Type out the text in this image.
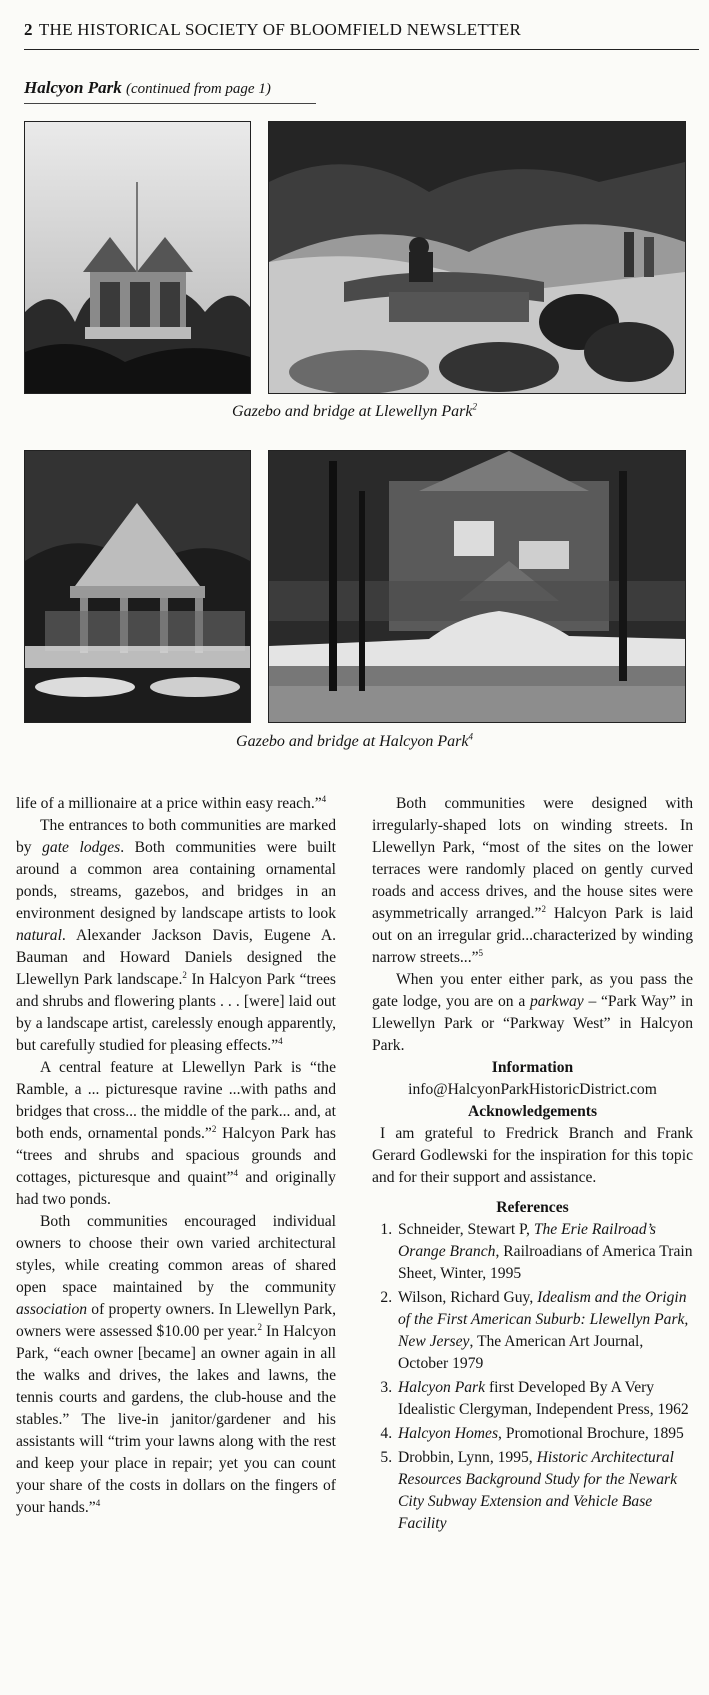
2 THE HISTORICAL SOCIETY OF BLOOMFIELD NEWSLETTER
Halcyon Park (continued from page 1)
Gazebo and bridge at Llewellyn Park$^2$
Gazebo and bridge at Halcyon Park$^4$

life of a millionaire at a price within easy reach.”$^4$

The entrances to both communities are marked by gate lodges. Both communities were built around a common area containing ornamental ponds, streams, gazebos, and bridges in an environment designed by landscape artists to look natural. Alexander Jackson Davis, Eugene A. Bauman and Howard Daniels designed the Llewellyn Park landscape.$^2$ In Halcyon Park “trees and shrubs and flowering plants . . . [were] laid out by a landscape artist, carelessly enough apparently, but carefully studied for pleasing effects.”$^4$

A central feature at Llewellyn Park is “the Ramble, a ... picturesque ravine ...with paths and bridges that cross... the middle of the park... and, at both ends, ornamental ponds.”$^2$ Halcyon Park has “trees and shrubs and spacious grounds and cottages, picturesque and quaint”$^4$ and originally had two ponds.

Both communities encouraged individual owners to choose their own varied architectural styles, while creating common areas of shared open space maintained by the community association of property owners. In Llewellyn Park, owners were assessed $10.00 per year.$^2$ In Halcyon Park, “each owner [became] an owner again in all the walks and drives, the lakes and lawns, the tennis courts and gardens, the club-house and the stables.” The live-in janitor/gardener and his assistants will “trim your lawns along with the rest and keep your place in repair; yet you can count your share of the costs in dollars on the fingers of your hands.”$^4$

Both communities were designed with irregularly-shaped lots on winding streets. In Llewellyn Park, “most of the sites on the lower terraces were randomly placed on gently curved roads and access drives, and the house sites were asymmetrically arranged.”$^2$ Halcyon Park is laid out on an irregular grid...characterized by winding narrow streets...”$^5$

When you enter either park, as you pass the gate lodge, you are on a parkway – “Park Way” in Llewellyn Park or “Parkway West” in Halcyon Park.

Information

info@HalcyonParkHistoricDistrict.com

Acknowledgements

I am grateful to Fredrick Branch and Frank Gerard Godlewski for the inspiration for this topic and for their support and assistance.

References

1. Schneider, Stewart P, The Erie Railroad’s Orange Branch, Railroadians of America Train Sheet, Winter, 1995
2. Wilson, Richard Guy, Idealism and the Origin of the First American Suburb: Llewellyn Park, New Jersey, The American Art Journal, October 1979
3. Halcyon Park first Developed By A Very Idealistic Clergyman, Independent Press, 1962
4. Halcyon Homes, Promotional Brochure, 1895
5. Drobbin, Lynn, 1995, Historic Architectural Resources Background Study for the Newark City Subway Extension and Vehicle Base Facility
